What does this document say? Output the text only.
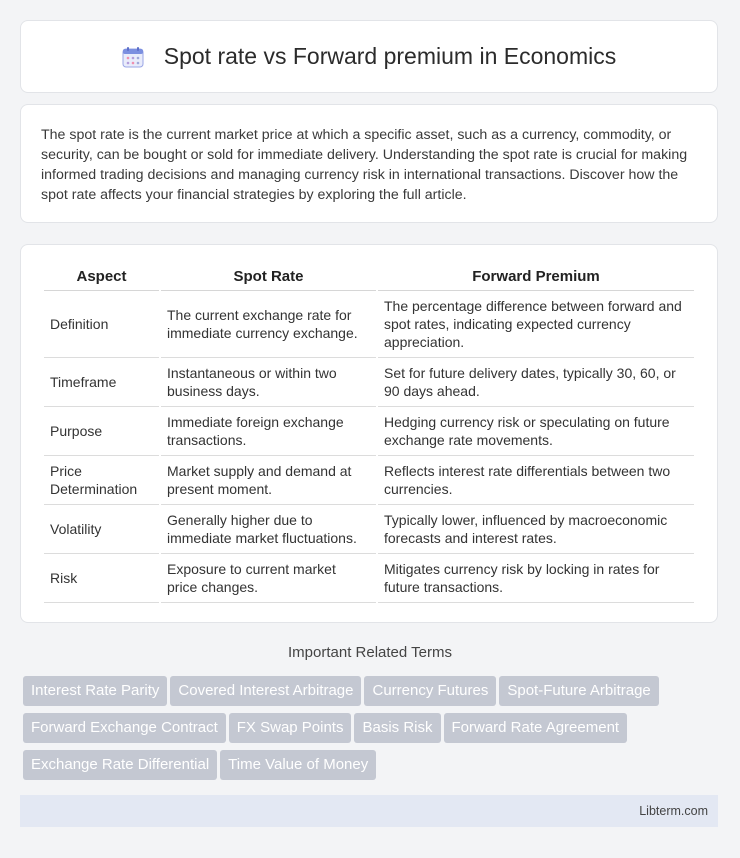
Spot rate vs Forward premium in Economics
The spot rate is the current market price at which a specific asset, such as a currency, commodity, or security, can be bought or sold for immediate delivery. Understanding the spot rate is crucial for making informed trading decisions and managing currency risk in international transactions. Discover how the spot rate affects your financial strategies by exploring the full article.
Aspect	Spot Rate	Forward Premium
Definition	The current exchange rate for immediate currency exchange.	The percentage difference between forward and spot rates, indicating expected currency appreciation.
Timeframe	Instantaneous or within two business days.	Set for future delivery dates, typically 30, 60, or 90 days ahead.
Purpose	Immediate foreign exchange transactions.	Hedging currency risk or speculating on future exchange rate movements.
Price Determination	Market supply and demand at present moment.	Reflects interest rate differentials between two currencies.
Volatility	Generally higher due to immediate market fluctuations.	Typically lower, influenced by macroeconomic forecasts and interest rates.
Risk	Exposure to current market price changes.	Mitigates currency risk by locking in rates for future transactions.
Important Related Terms
Interest Rate Parity Covered Interest Arbitrage Currency Futures Spot-Future Arbitrage
Forward Exchange Contract FX Swap Points Basis Risk Forward Rate Agreement
Exchange Rate Differential Time Value of Money
Libterm.com
